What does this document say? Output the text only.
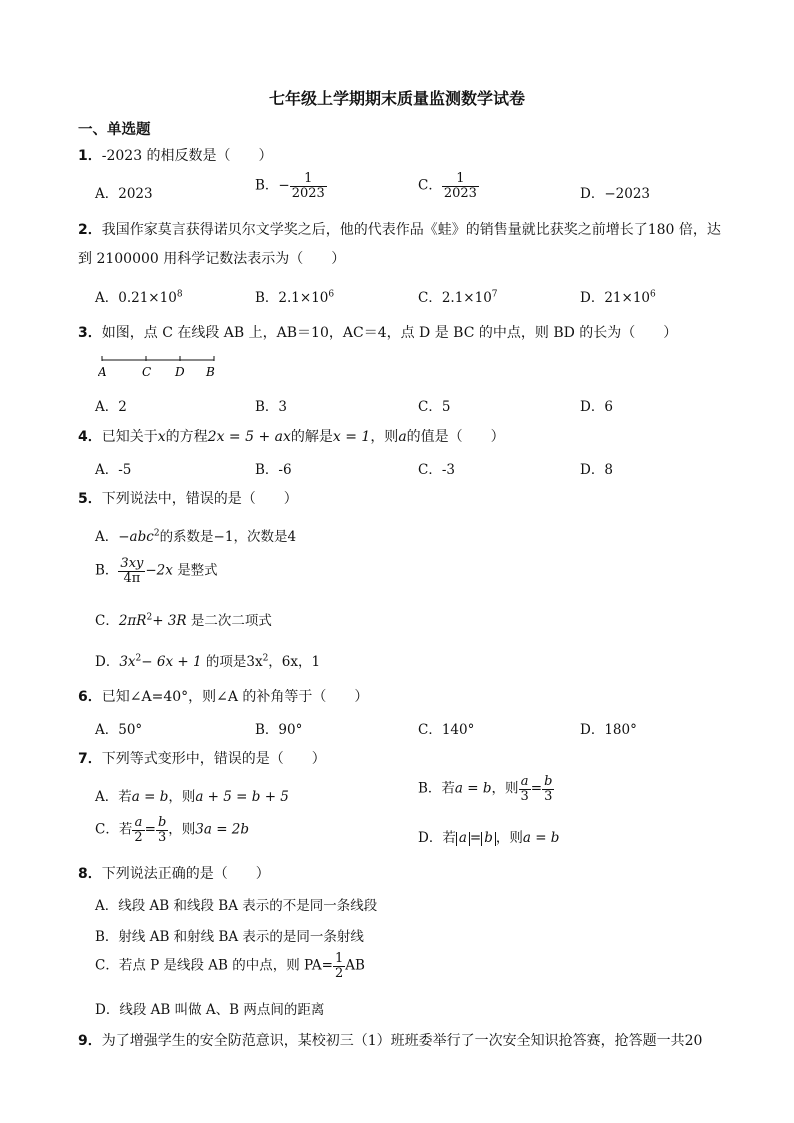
七年级上学期期末质量监测数学试卷
一、单选题
1．-2023 的相反数是（　　）
A．2023
B．− $\frac{1}{2023}$	C． $\frac{1}{2023}$	D．−2023
2．我国作家莫言获得诺贝尔文学奖之后，他的代表作品《蛙》的销售量就比获奖之前增长了180 倍，达
到 2100000 用科学记数法表示为（　　）
A．$0.21\times 10^8$	B．$2.1\times 10^6$	C．$2.1\times 10^7$	D．$21\times 10^6$
3．如图，点 C 在线段 AB 上，AB＝10，AC＝4，点 D 是 BC 的中点，则 BD 的长为（　　）
A	C D B
A．2	B．3	C．5	D．6
4．已知关于x的方程2x = 5 + ax的解是x = 1，则a的值是（　　）
A．-5	B．-6	C．-3	D．8
5．下列说法中，错误的是（　　）
A．−abc$^2$的系数是−1，次数是4
B． $\frac{3xy}{4\pi} -2x$ 是整式
C．$2\pi R^2+ 3R$ 是二次二项式
D．$3x^2- 6x + 1$ 的项是$3x^2$，6x，1
6．已知∠A=40°，则∠A 的补角等于（　　）
A．50°	B．90°	C．140°	D．180°
7．下列等式变形中，错误的是（　　）
A．若a = b，则a + 5 = b + 5
B．若a = b，则 $\frac{a}{3} = \frac{b}{3}$
C．若 $\frac{a}{2} = \frac{b}{3}$ ，则3a = 2b
D．若 a = b ，则a = b
8．下列说法正确的是（　　）
A．线段 AB 和线段 BA 表示的不是同一条线段
B．射线 AB 和射线 BA 表示的是同一条射线
C．若点 P 是线段 AB 的中点，则 $PA= \frac{1}{2}$ AB
D．线段 AB 叫做 A、B 两点间的距离
9．为了增强学生的安全防范意识，某校初三（1）班班委举行了一次安全知识抢答赛，抢答题一共20
